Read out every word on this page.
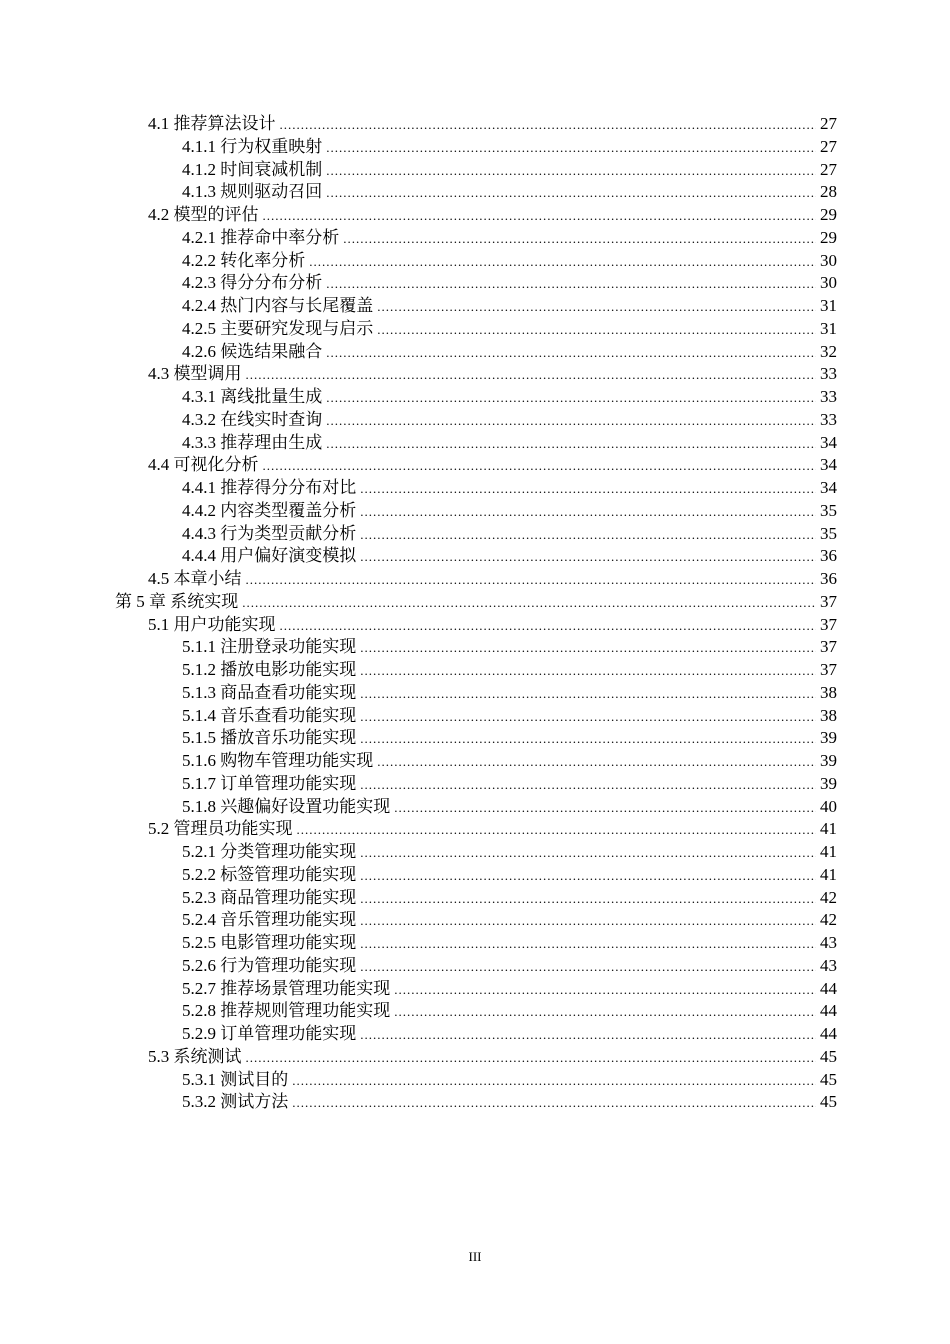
4.1 推荐算法设计 .....	27
4.1.1 行为权重映射 .....	27
4.1.2 时间衰减机制 .....	27
4.1.3 规则驱动召回 .....	28
4.2 模型的评估 .....	29
4.2.1 推荐命中率分析 .....	29
4.2.2 转化率分析 .....	30
4.2.3 得分分布分析 .....	30
4.2.4 热门内容与长尾覆盖 .....	31
4.2.5 主要研究发现与启示 .....	31
4.2.6 候选结果融合 .....	32
4.3 模型调用 .....	33
4.3.1 离线批量生成 .....	33
4.3.2 在线实时查询 .....	33
4.3.3 推荐理由生成 .....	34
4.4 可视化分析 .....	34
4.4.1 推荐得分分布对比 .....	34
4.4.2 内容类型覆盖分析 .....	35
4.4.3 行为类型贡献分析 .....	35
4.4.4 用户偏好演变模拟 .....	36
4.5 本章小结 .....	36
第 5 章 系统实现 .....	37
5.1 用户功能实现 .....	37
5.1.1 注册登录功能实现 .....	37
5.1.2 播放电影功能实现 .....	37
5.1.3 商品查看功能实现 .....	38
5.1.4 音乐查看功能实现 .....	38
5.1.5 播放音乐功能实现 .....	39
5.1.6 购物车管理功能实现 .....	39
5.1.7 订单管理功能实现 .....	39
5.1.8 兴趣偏好设置功能实现 .....	40
5.2 管理员功能实现 .....	41
5.2.1 分类管理功能实现 .....	41
5.2.2 标签管理功能实现 .....	41
5.2.3 商品管理功能实现 .....	42
5.2.4 音乐管理功能实现 .....	42
5.2.5 电影管理功能实现 .....	43
5.2.6 行为管理功能实现 .....	43
5.2.7 推荐场景管理功能实现 .....	44
5.2.8 推荐规则管理功能实现 .....	44
5.2.9 订单管理功能实现 .....	44
5.3 系统测试 .....	45
5.3.1 测试目的 .....	45
5.3.2 测试方法 .....	45
III
